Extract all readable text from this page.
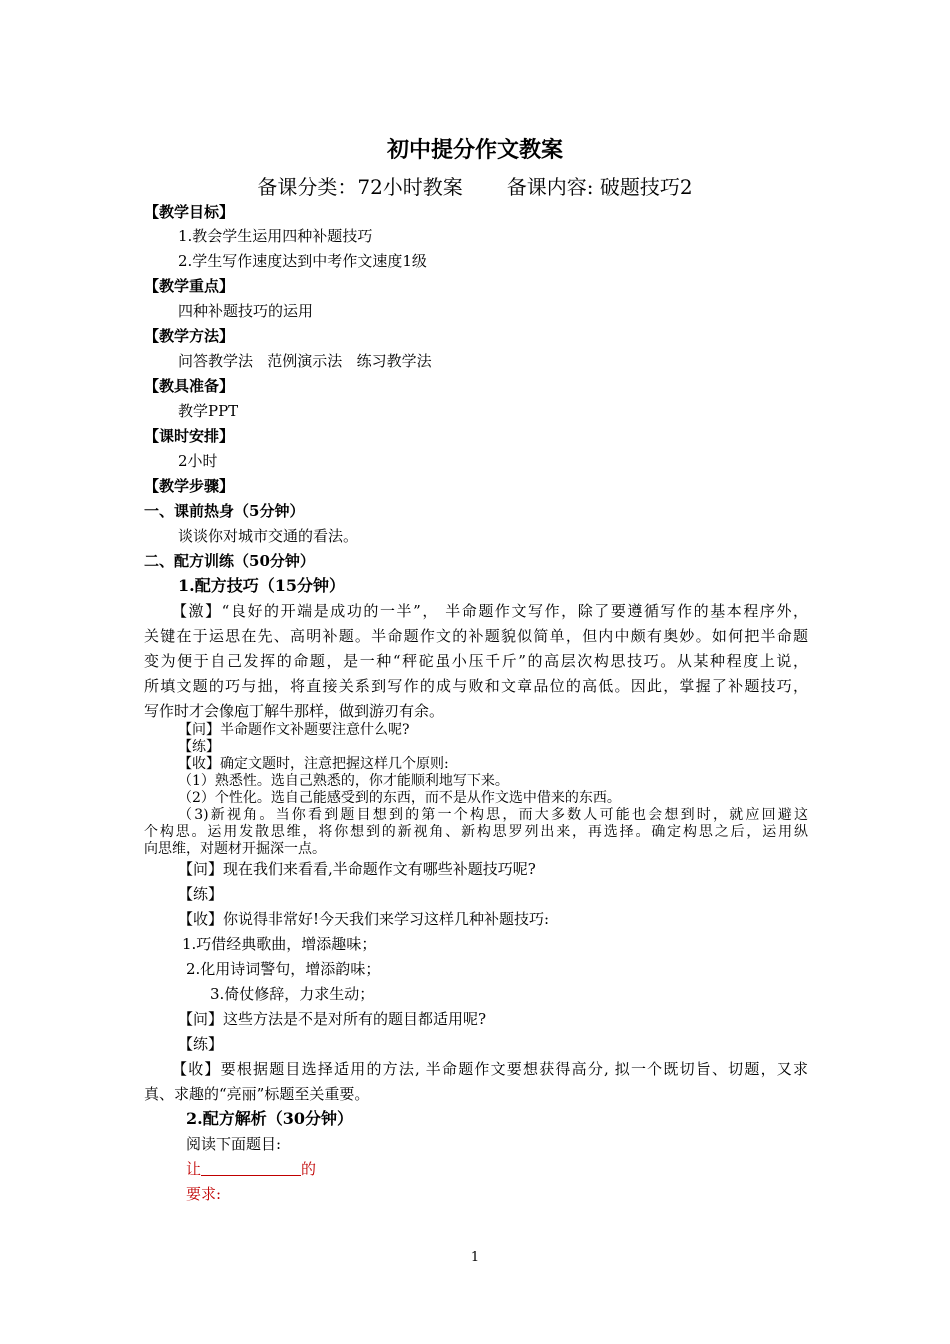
初中提分作文教案
备课分类：72小时教案 备课内容: 破题技巧2
【教学目标】
1.教会学生运用四种补题技巧
2.学生写作速度达到中考作文速度1级
【教学重点】
四种补题技巧的运用
【教学方法】
问答教学法   范例演示法   练习教学法
【教具准备】
教学PPT
【课时安排】
2小时
【教学步骤】
一、课前热身（5分钟）
谈谈你对城市交通的看法。
二、配方训练（50分钟）
1.配方技巧（15分钟）
【激】“良好的开端是成功的一半”， 半命题作文写作，除了要遵循写作的基本程序外，
关键在于运思在先、高明补题。半命题作文的补题貌似简单，但内中颇有奥妙。如何把半命题
变为便于自己发挥的命题，是一种“秤砣虽小压千斤”的高层次构思技巧。从某种程度上说，
所填文题的巧与拙，将直接关系到写作的成与败和文章品位的高低。因此，掌握了补题技巧，
写作时才会像庖丁解牛那样，做到游刃有余。
【问】半命题作文补题要注意什么呢?
【练】
【收】确定文题时，注意把握这样几个原则:
（1）熟悉性。选自己熟悉的，你才能顺利地写下来。
（2）个性化。选自己能感受到的东西，而不是从作文选中借来的东西。
（3)新视角。当你看到题目想到的第一个构思，而大多数人可能也会想到时，就应回避这
个构思。运用发散思维，将你想到的新视角、新构思罗列出来，再选择。确定构思之后，运用纵
向思维，对题材开掘深一点。
【问】现在我们来看看,半命题作文有哪些补题技巧呢?
【练】
【收】你说得非常好!今天我们来学习这样几种补题技巧:
1.巧借经典歌曲，增添趣味；
2.化用诗词警句，增添韵味；
3.倚仗修辞，力求生动；
【问】这些方法是不是对所有的题目都适用呢?
【练】
【收】要根据题目选择适用的方法, 半命题作文要想获得高分, 拟一个既切旨、切题，又求
真、求趣的“亮丽”标题至关重要。
2.配方解析（30分钟）
阅读下面题目:
让	的
要求:
1
